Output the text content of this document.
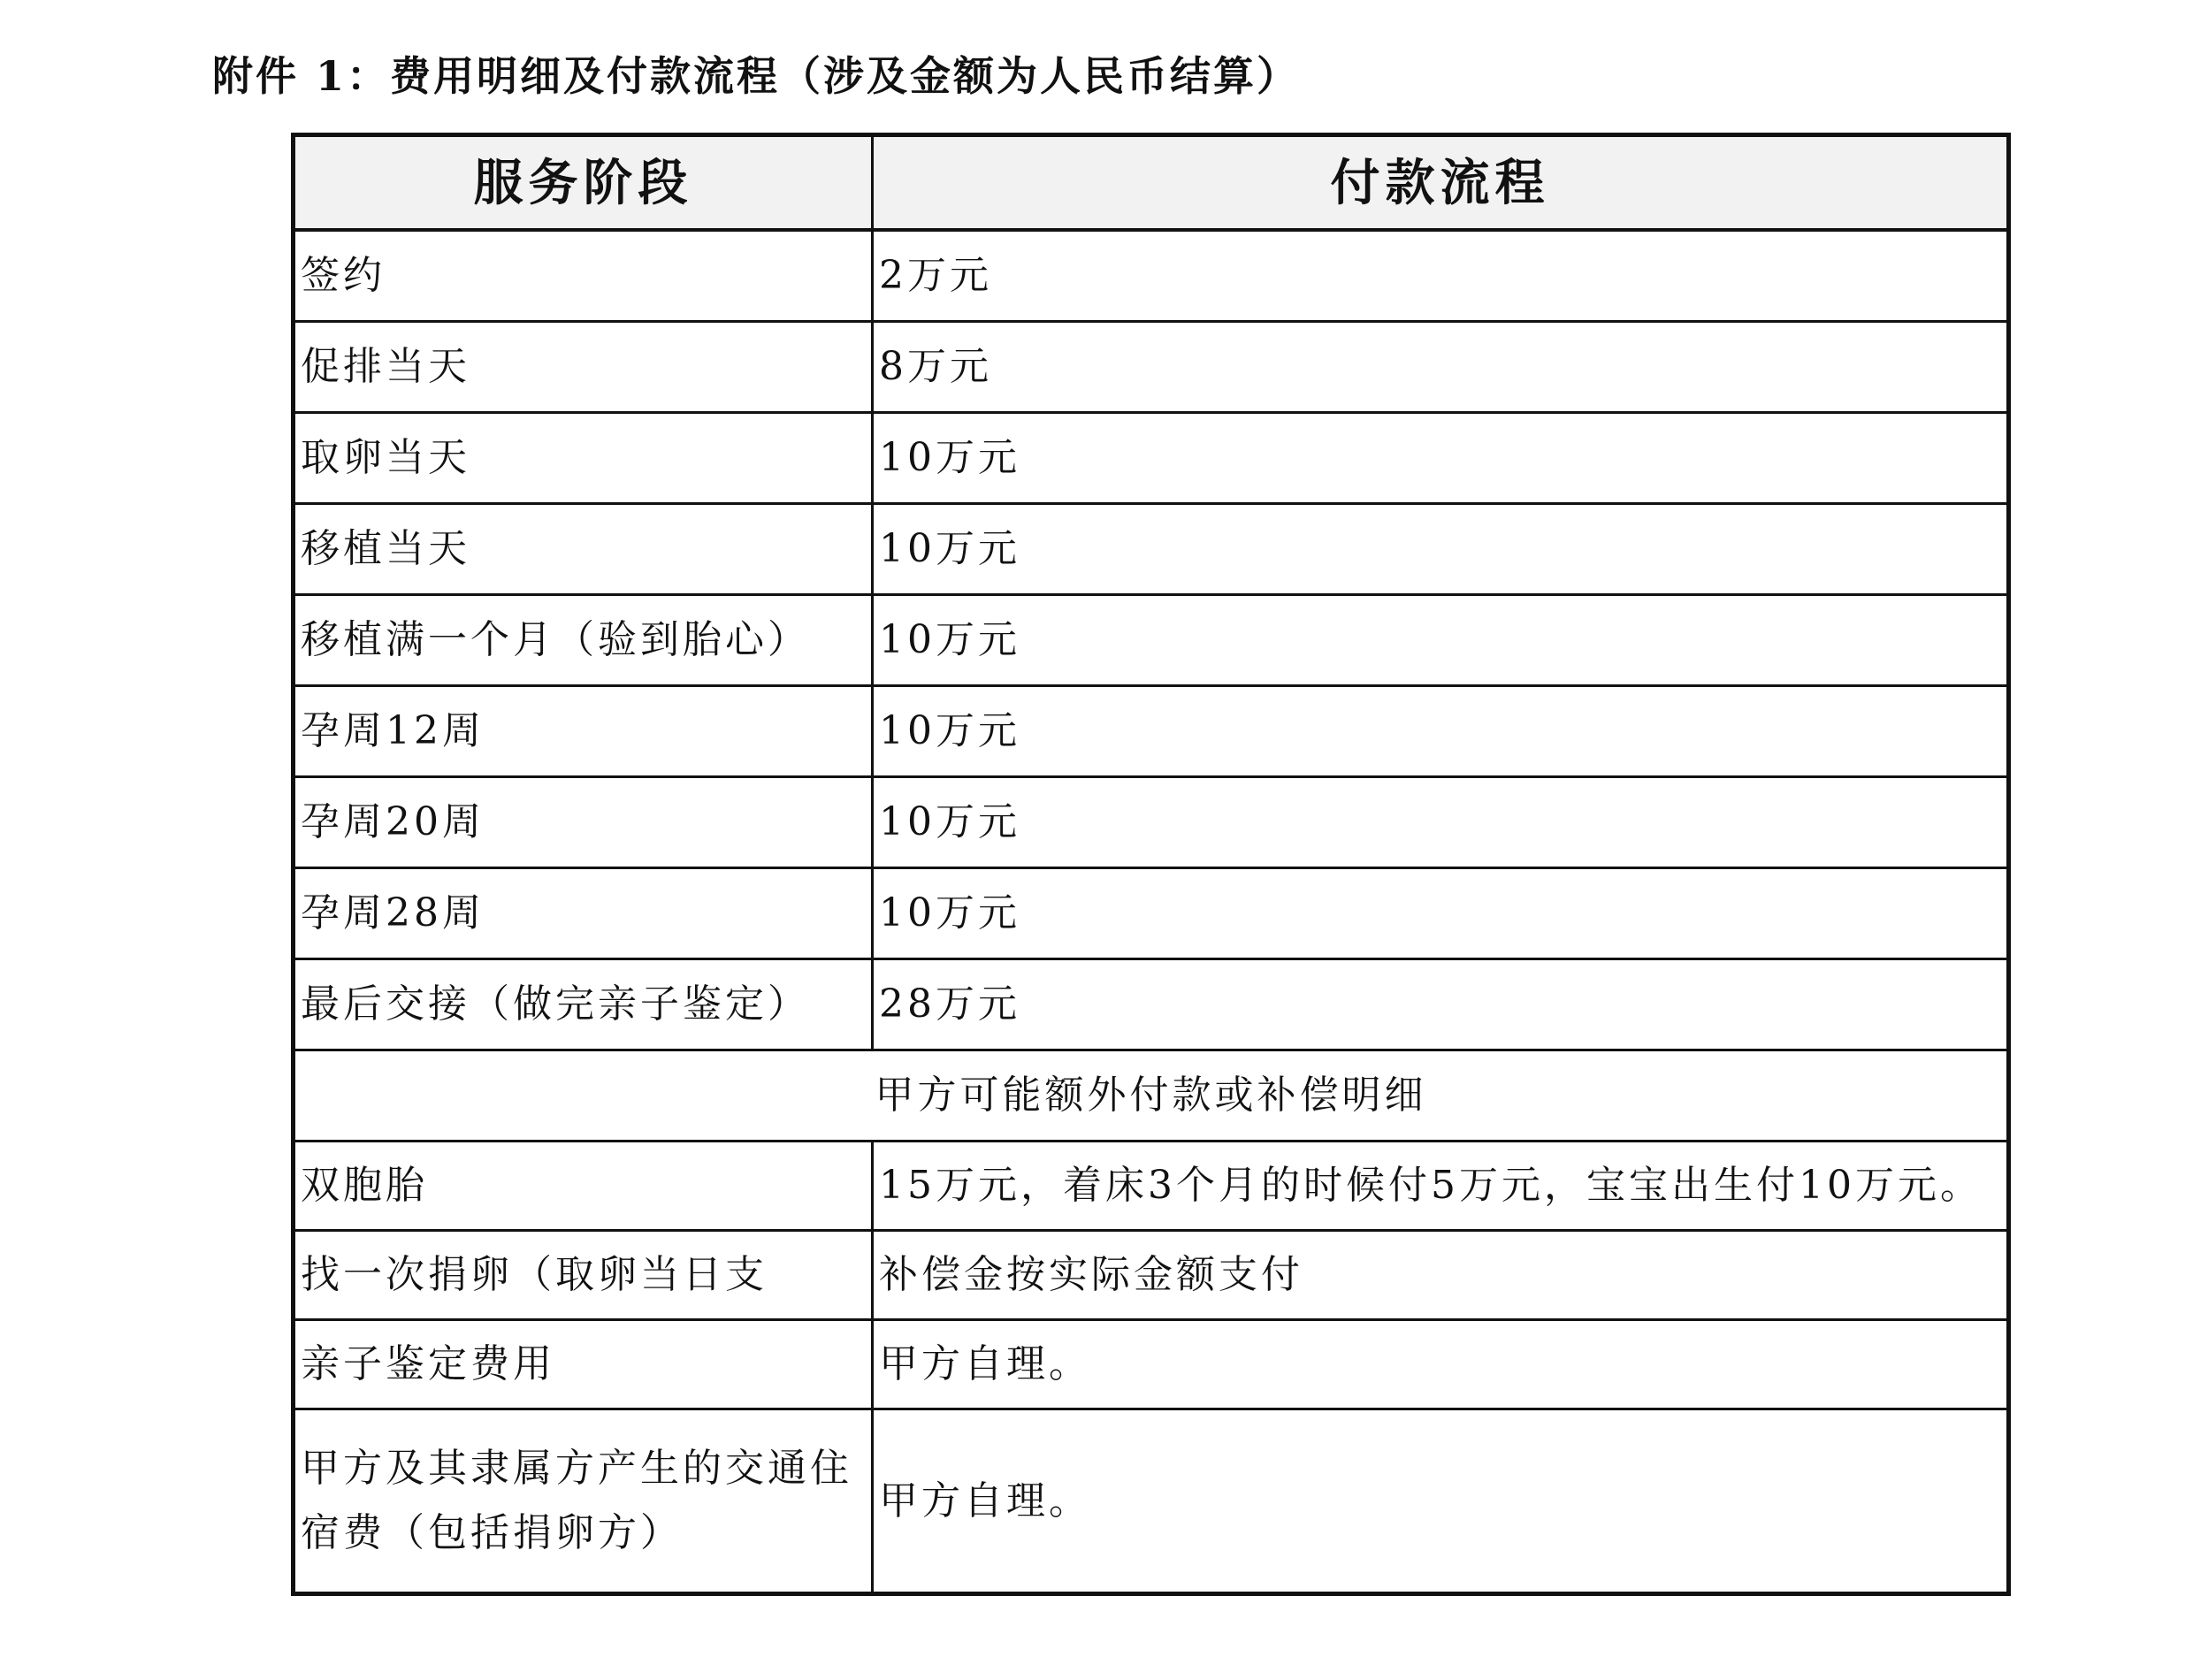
附件 1：费用明细及付款流程（涉及金额为人民币结算）
服务阶段	付款流程
签约	2万元
促排当天	8万元
取卵当天	10万元
移植当天	10万元
移植满一个月（验到胎心）	10万元
孕周12周	10万元
孕周20周	10万元
孕周28周	10万元
最后交接（做完亲子鉴定）	28万元
甲方可能额外付款或补偿明细	
双胞胎	15万元，着床3个月的时候付5万元，宝宝出生付10万元。
找一次捐卵（取卵当日支	补偿金按实际金额支付
亲子鉴定费用	甲方自理。
甲方及其隶属方产生的交通住宿费（包括捐卵方）	甲方自理。
